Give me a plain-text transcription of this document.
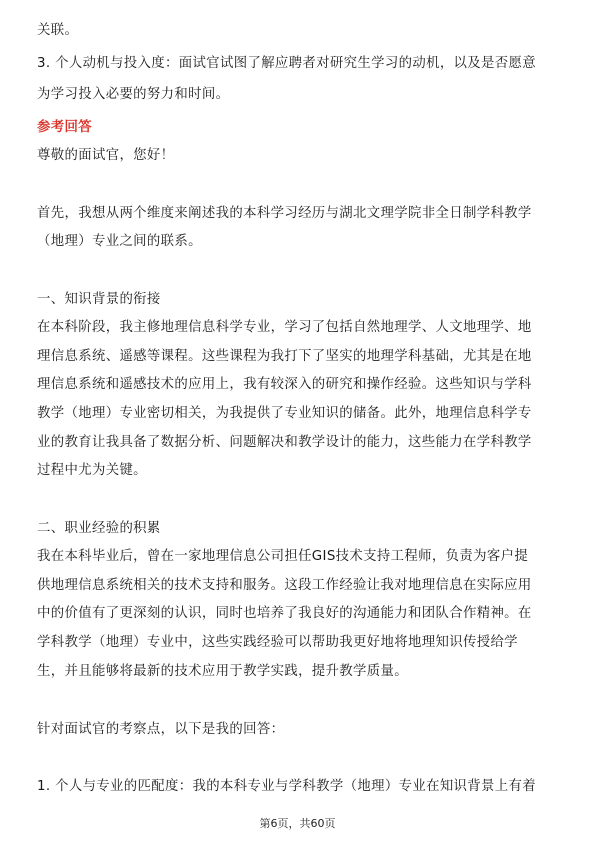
关联。
3. 个人动机与投入度：面试官试图了解应聘者对研究生学习的动机，以及是否愿意
为学习投入必要的努力和时间。
参考回答
尊敬的面试官，您好！
首先，我想从两个维度来阐述我的本科学习经历与湖北文理学院非全日制学科教学
（地理）专业之间的联系。
一、知识背景的衔接
在本科阶段，我主修地理信息科学专业，学习了包括自然地理学、人文地理学、地
理信息系统、遥感等课程。这些课程为我打下了坚实的地理学科基础，尤其是在地
理信息系统和遥感技术的应用上，我有较深入的研究和操作经验。这些知识与学科
教学（地理）专业密切相关，为我提供了专业知识的储备。此外，地理信息科学专
业的教育让我具备了数据分析、问题解决和教学设计的能力，这些能力在学科教学
过程中尤为关键。
二、职业经验的积累
我在本科毕业后，曾在一家地理信息公司担任GIS技术支持工程师，负责为客户提
供地理信息系统相关的技术支持和服务。这段工作经验让我对地理信息在实际应用
中的价值有了更深刻的认识，同时也培养了我良好的沟通能力和团队合作精神。在
学科教学（地理）专业中，这些实践经验可以帮助我更好地将地理知识传授给学
生，并且能够将最新的技术应用于教学实践，提升教学质量。
针对面试官的考察点，以下是我的回答：
1. 个人与专业的匹配度：我的本科专业与学科教学（地理）专业在知识背景上有着
第6页，共60页
